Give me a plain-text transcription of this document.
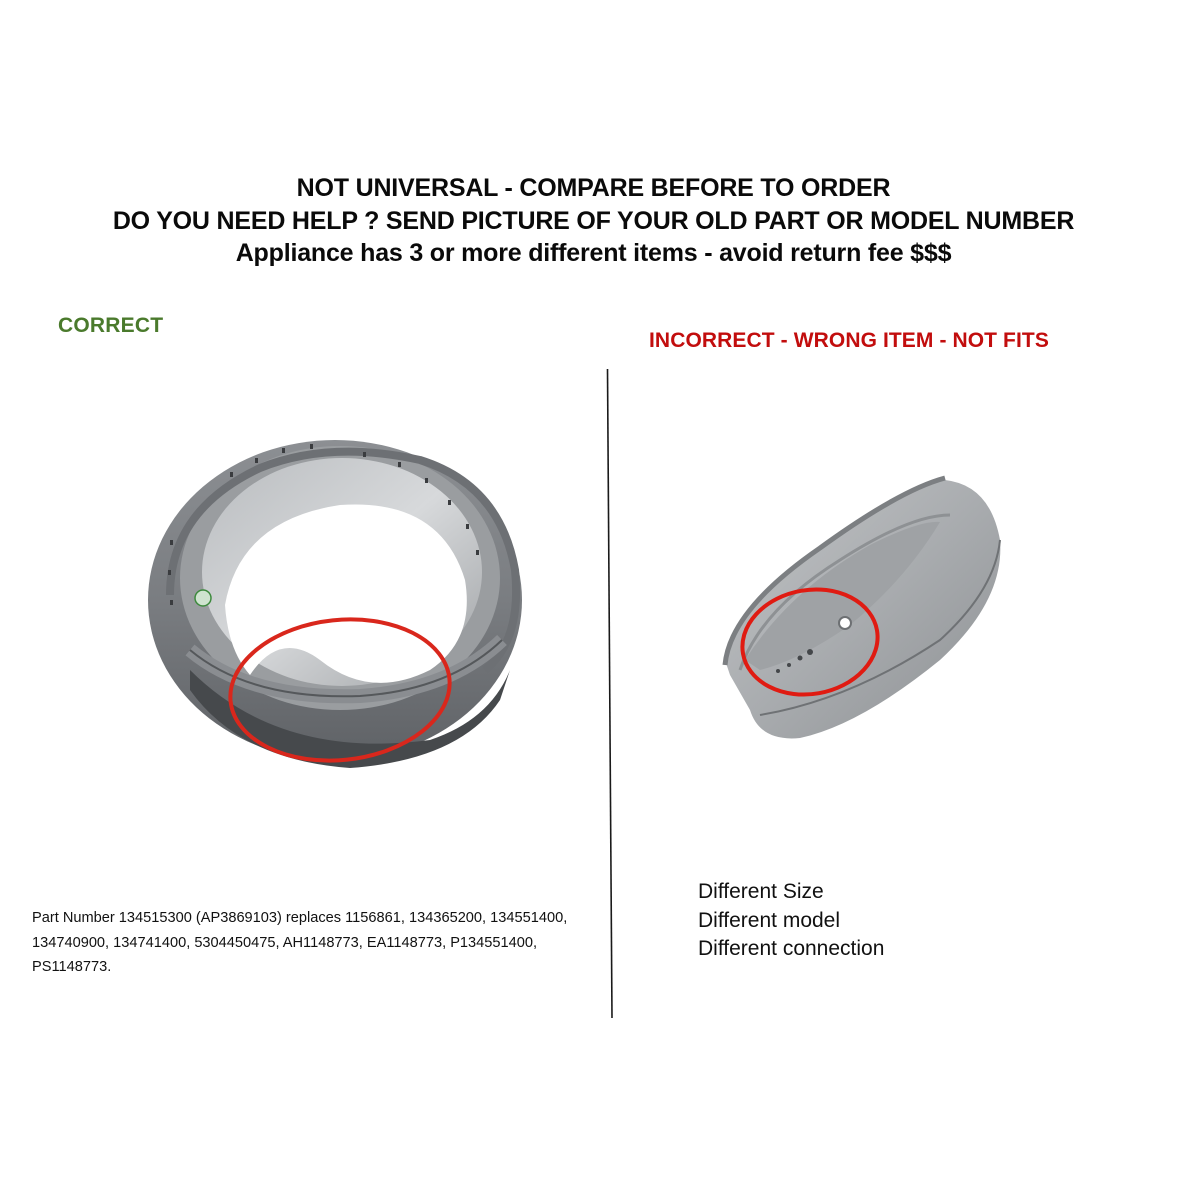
NOT UNIVERSAL - COMPARE BEFORE TO ORDER
DO YOU NEED HELP ? SEND PICTURE OF YOUR OLD PART OR MODEL NUMBER
Appliance has 3 or more different items - avoid return fee $$$
CORRECT
INCORRECT - WRONG ITEM - NOT FITS
Part Number 134515300 (AP3869103) replaces 1156861, 134365200, 134551400, 134740900, 134741400, 5304450475, AH1148773, EA1148773, P134551400, PS1148773.
Different Size
Different model
Different connection
